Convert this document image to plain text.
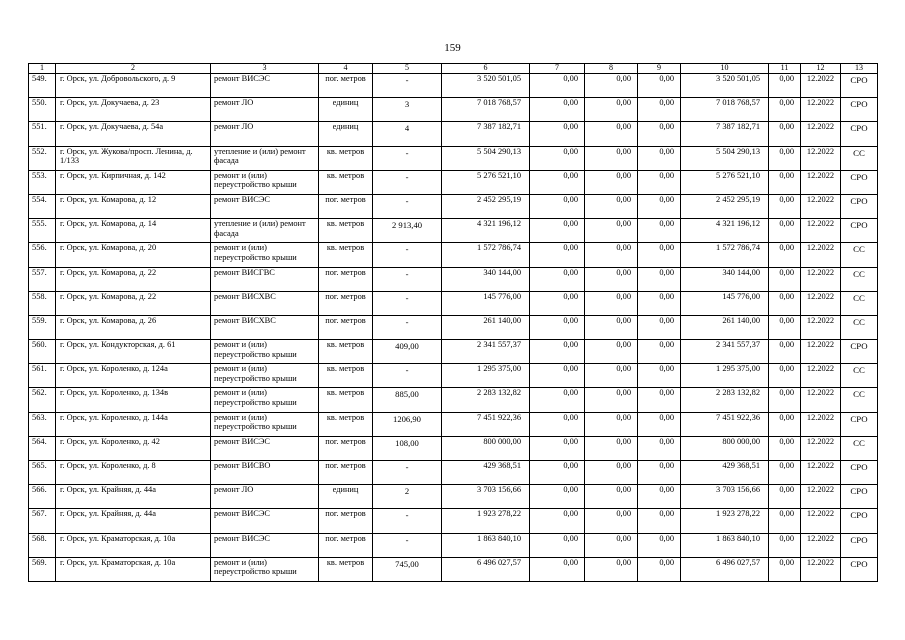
159
1	2	3	4	5	6	7	8	9	10	11	12	13
549.	г. Орск, ул. Добровольского, д. 9	ремонт ВИСЭС	пог. метров	-	3 520 501,05	0,00	0,00	0,00	3 520 501,05	0,00	12.2022	СРО
550.	г. Орск, ул. Докучаева, д. 23	ремонт ЛО	единиц	3	7 018 768,57	0,00	0,00	0,00	7 018 768,57	0,00	12.2022	СРО
551.	г. Орск, ул. Докучаева, д. 54а	ремонт ЛО	единиц	4	7 387 182,71	0,00	0,00	0,00	7 387 182,71	0,00	12.2022	СРО
552.	г. Орск, ул. Жукова/просп. Ленина, д. 1/133	утепление и (или) ремонт фасада	кв. метров	-	5 504 290,13	0,00	0,00	0,00	5 504 290,13	0,00	12.2022	СС
553.	г. Орск, ул. Кирпичная, д. 142	ремонт и (или) переустройство крыши	кв. метров	-	5 276 521,10	0,00	0,00	0,00	5 276 521,10	0,00	12.2022	СРО
554.	г. Орск, ул. Комарова, д. 12	ремонт ВИСЭС	пог. метров	-	2 452 295,19	0,00	0,00	0,00	2 452 295,19	0,00	12.2022	СРО
555.	г. Орск, ул. Комарова, д. 14	утепление и (или) ремонт фасада	кв. метров	2 913,40	4 321 196,12	0,00	0,00	0,00	4 321 196,12	0,00	12.2022	СРО
556.	г. Орск, ул. Комарова, д. 20	ремонт и (или) переустройство крыши	кв. метров	-	1 572 786,74	0,00	0,00	0,00	1 572 786,74	0,00	12.2022	СС
557.	г. Орск, ул. Комарова, д. 22	ремонт ВИСГВС	пог. метров	-	340 144,00	0,00	0,00	0,00	340 144,00	0,00	12.2022	СС
558.	г. Орск, ул. Комарова, д. 22	ремонт ВИСХВС	пог. метров	-	145 776,00	0,00	0,00	0,00	145 776,00	0,00	12.2022	СС
559.	г. Орск, ул. Комарова, д. 26	ремонт ВИСХВС	пог. метров	-	261 140,00	0,00	0,00	0,00	261 140,00	0,00	12.2022	СС
560.	г. Орск, ул. Кондукторская, д. 61	ремонт и (или) переустройство крыши	кв. метров	409,00	2 341 557,37	0,00	0,00	0,00	2 341 557,37	0,00	12.2022	СРО
561.	г. Орск, ул. Короленко, д. 124а	ремонт и (или) переустройство крыши	кв. метров	-	1 295 375,00	0,00	0,00	0,00	1 295 375,00	0,00	12.2022	СС
562.	г. Орск, ул. Короленко, д. 134в	ремонт и (или) переустройство крыши	кв. метров	885,00	2 283 132,82	0,00	0,00	0,00	2 283 132,82	0,00	12.2022	СС
563.	г. Орск, ул. Короленко, д. 144а	ремонт и (или) переустройство крыши	кв. метров	1206,90	7 451 922,36	0,00	0,00	0,00	7 451 922,36	0,00	12.2022	СРО
564.	г. Орск, ул. Короленко, д. 42	ремонт ВИСЭС	пог. метров	108,00	800 000,00	0,00	0,00	0,00	800 000,00	0,00	12.2022	СС
565.	г. Орск, ул. Короленко, д. 8	ремонт ВИСВО	пог. метров	-	429 368,51	0,00	0,00	0,00	429 368,51	0,00	12.2022	СРО
566.	г. Орск, ул. Крайняя, д. 44а	ремонт ЛО	единиц	2	3 703 156,66	0,00	0,00	0,00	3 703 156,66	0,00	12.2022	СРО
567.	г. Орск, ул. Крайняя, д. 44а	ремонт ВИСЭС	пог. метров	-	1 923 278,22	0,00	0,00	0,00	1 923 278,22	0,00	12.2022	СРО
568.	г. Орск, ул. Краматорская, д. 10а	ремонт ВИСЭС	пог. метров	-	1 863 840,10	0,00	0,00	0,00	1 863 840,10	0,00	12.2022	СРО
569.	г. Орск, ул. Краматорская, д. 10а	ремонт и (или) переустройство крыши	кв. метров	745,00	6 496 027,57	0,00	0,00	0,00	6 496 027,57	0,00	12.2022	СРО
